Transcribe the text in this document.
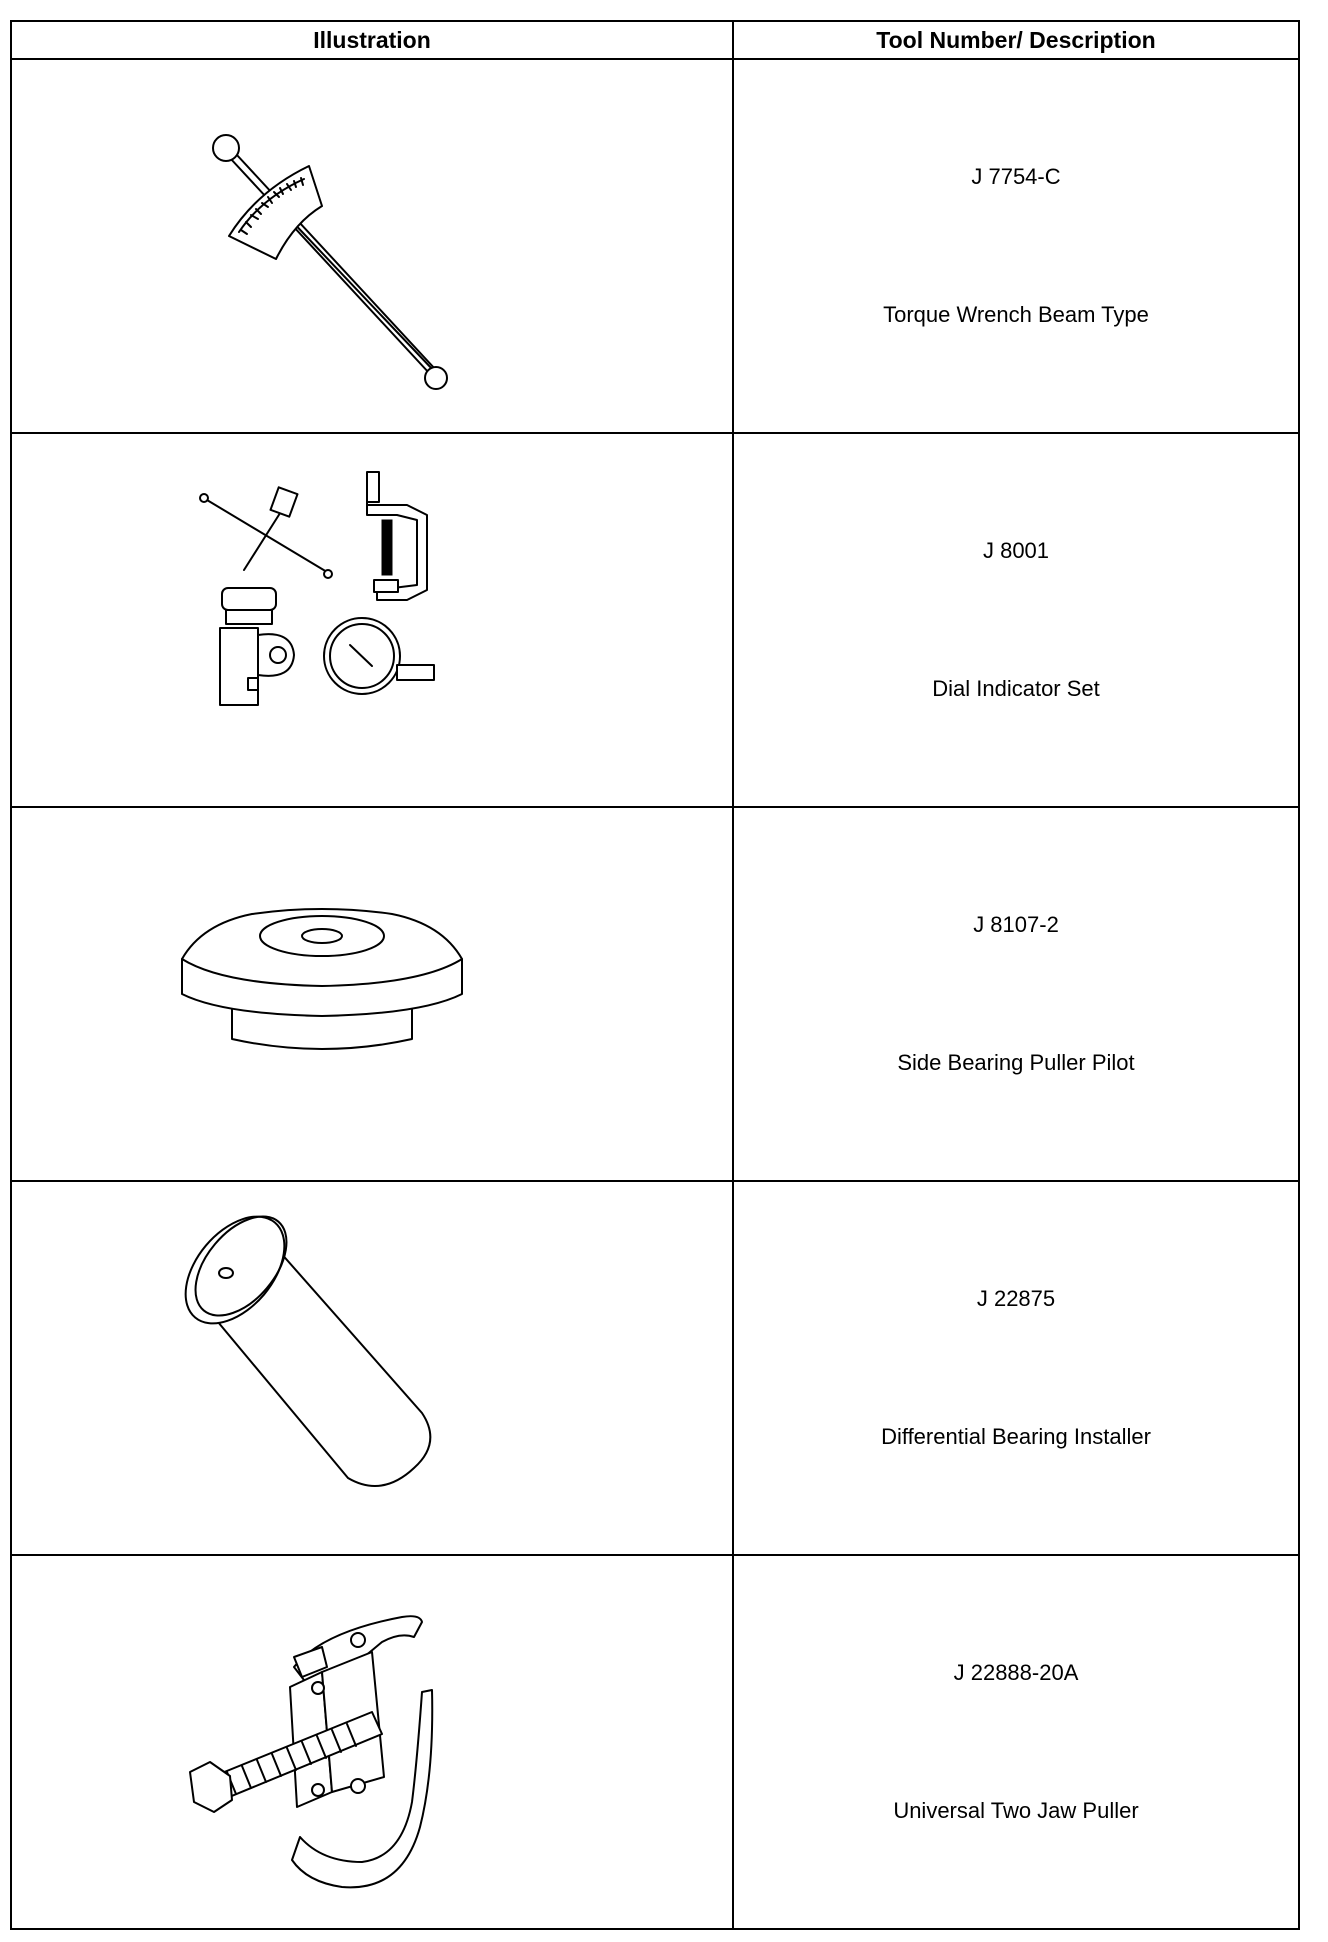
Illustration	Tool Number/ Description

J 7754-C
Torque Wrench Beam Type

J 8001
Dial Indicator Set

J 8107-2
Side Bearing Puller Pilot

J 22875
Differential Bearing Installer

J 22888-20A
Universal Two Jaw Puller
